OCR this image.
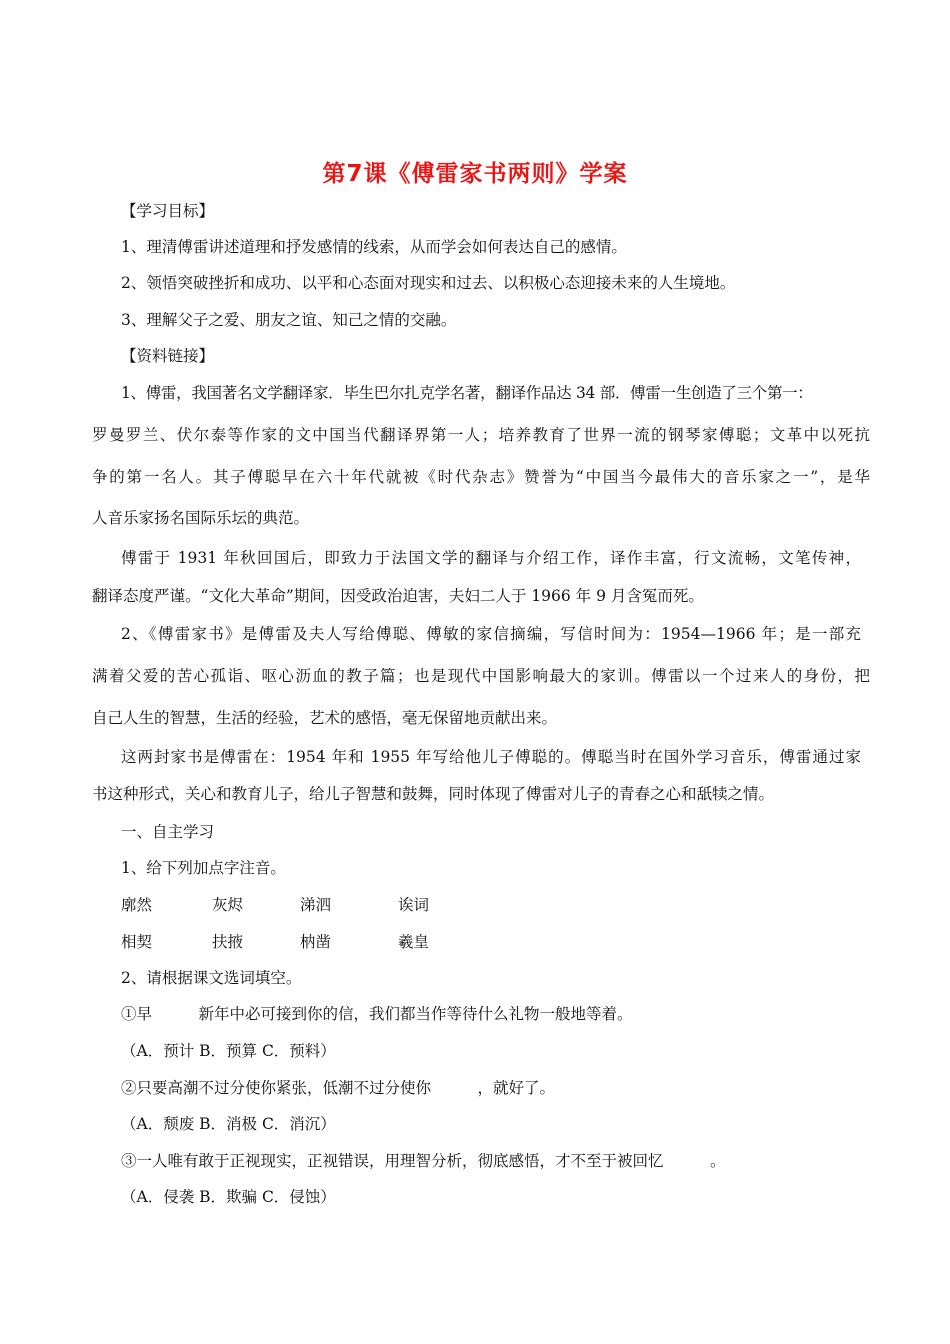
第7课《傅雷家书两则》学案
【学习目标】
1、理清傅雷讲述道理和抒发感情的线索，从而学会如何表达自己的感情。
2、领悟突破挫折和成功、以平和心态面对现实和过去、以积极心态迎接未来的人生境地。
3、理解父子之爱、朋友之谊、知己之情的交融。
【资料链接】
1、傅雷，我国著名文学翻译家．毕生巴尔扎克学名著，翻译作品达 34 部．傅雷一生创造了三个第一：
罗曼罗兰、伏尔泰等作家的文中国当代翻译界第一人；培养教育了世界一流的钢琴家傅聪；文革中以死抗
争的第一名人。其子傅聪早在六十年代就被《时代杂志》赞誉为“中国当今最伟大的音乐家之一”，是华
人音乐家扬名国际乐坛的典范。
傅雷于 1931 年秋回国后，即致力于法国文学的翻译与介绍工作，译作丰富，行文流畅，文笔传神，
翻译态度严谨。“文化大革命”期间，因受政治迫害，夫妇二人于 1966 年 9 月含冤而死。
2、《傅雷家书》是傅雷及夫人写给傅聪、傅敏的家信摘编，写信时间为：1954—1966 年；是一部充
满着父爱的苦心孤诣、呕心沥血的教子篇；也是现代中国影响最大的家训。傅雷以一个过来人的身份，把
自己人生的智慧，生活的经验，艺术的感悟，毫无保留地贡献出来。
这两封家书是傅雷在：1954 年和 1955 年写给他儿子傅聪的。傅聪当时在国外学习音乐，傅雷通过家
书这种形式，关心和教育儿子，给儿子智慧和鼓舞，同时体现了傅雷对儿子的青春之心和舐犊之情。
一、自主学习
1、给下列加点字注音。
廓然	灰烬	涕泗	诶词
相契	扶掖	枘凿	羲皇
2、请根据课文选词填空。
①早　　　新年中必可接到你的信，我们都当作等待什么礼物一般地等着。
（A．预计 B．预算 C．预料）
②只要高潮不过分使你紧张，低潮不过分使你　　　，就好了。
（A．颓废 B．消极 C．消沉）
③一人唯有敢于正视现实，正视错误，用理智分析，彻底感悟，才不至于被回忆　　　。
（A．侵袭 B．欺骗 C．侵蚀）
